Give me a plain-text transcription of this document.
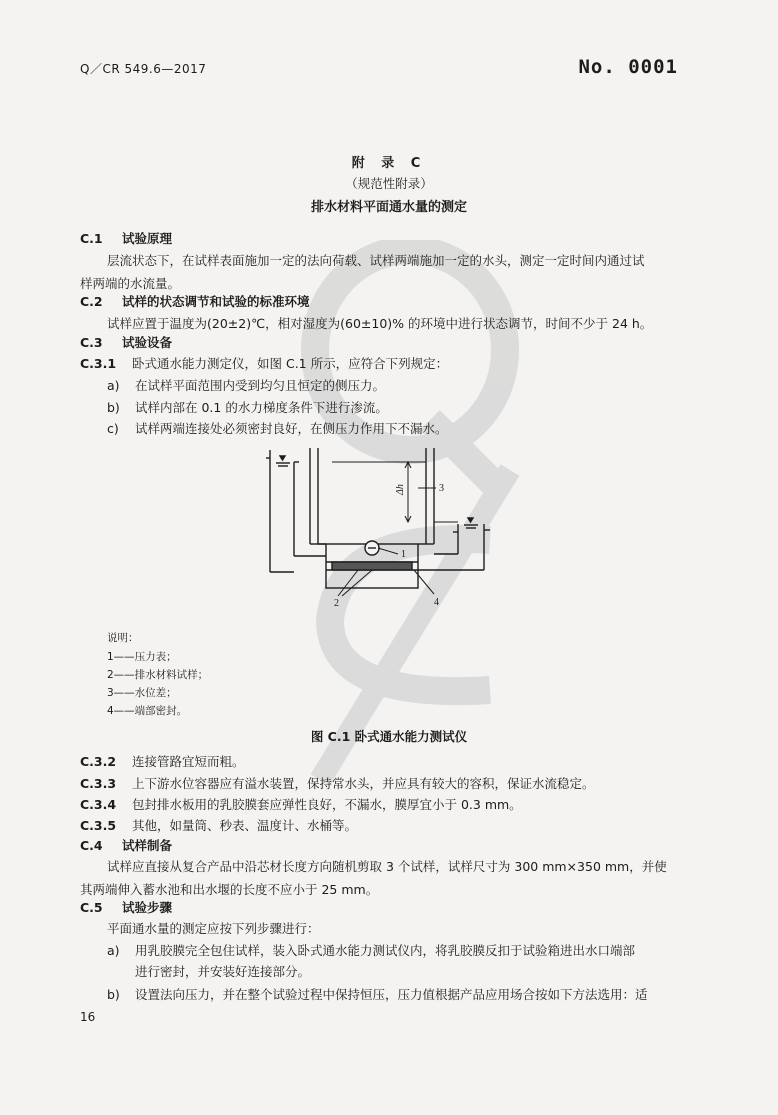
Q／CR 549.6—2017	No. 0001
附 录 C
（规范性附录）
排水材料平面通水量的测定
C.1 试验原理
层流状态下，在试样表面施加一定的法向荷载、试样两端施加一定的水头，测定一定时间内通过试
样两端的水流量。
C.2 试样的状态调节和试验的标准环境
试样应置于温度为(20±2)℃，相对湿度为(60±10)% 的环境中进行状态调节，时间不少于 24 h。
C.3 试验设备
C.3.1 卧式通水能力测定仪，如图 C.1 所示，应符合下列规定：
a) 在试样平面范围内受到均匀且恒定的侧压力。
b) 试样内部在 0.1 的水力梯度条件下进行渗流。
c) 试样两端连接处必须密封良好，在侧压力作用下不漏水。
Δh	3
1
2	4
说明：
1——压力表；
2——排水材料试样；
3——水位差；
4——端部密封。
图 C.1 卧式通水能力测试仪
C.3.2 连接管路宜短而粗。
C.3.3 上下游水位容器应有溢水装置，保持常水头，并应具有较大的容积，保证水流稳定。
C.3.4 包封排水板用的乳胶膜套应弹性良好，不漏水，膜厚宜小于 0.3 mm。
C.3.5 其他，如量筒、秒表、温度计、水桶等。
C.4 试样制备
试样应直接从复合产品中沿芯材长度方向随机剪取 3 个试样，试样尺寸为 300 mm×350 mm，并使
其两端伸入蓄水池和出水堰的长度不应小于 25 mm。
C.5 试验步骤
平面通水量的测定应按下列步骤进行：
a) 用乳胶膜完全包住试样，装入卧式通水能力测试仪内，将乳胶膜反扣于试验箱进出水口端部
进行密封，并安装好连接部分。
b) 设置法向压力，并在整个试验过程中保持恒压，压力值根据产品应用场合按如下方法选用：适
16
